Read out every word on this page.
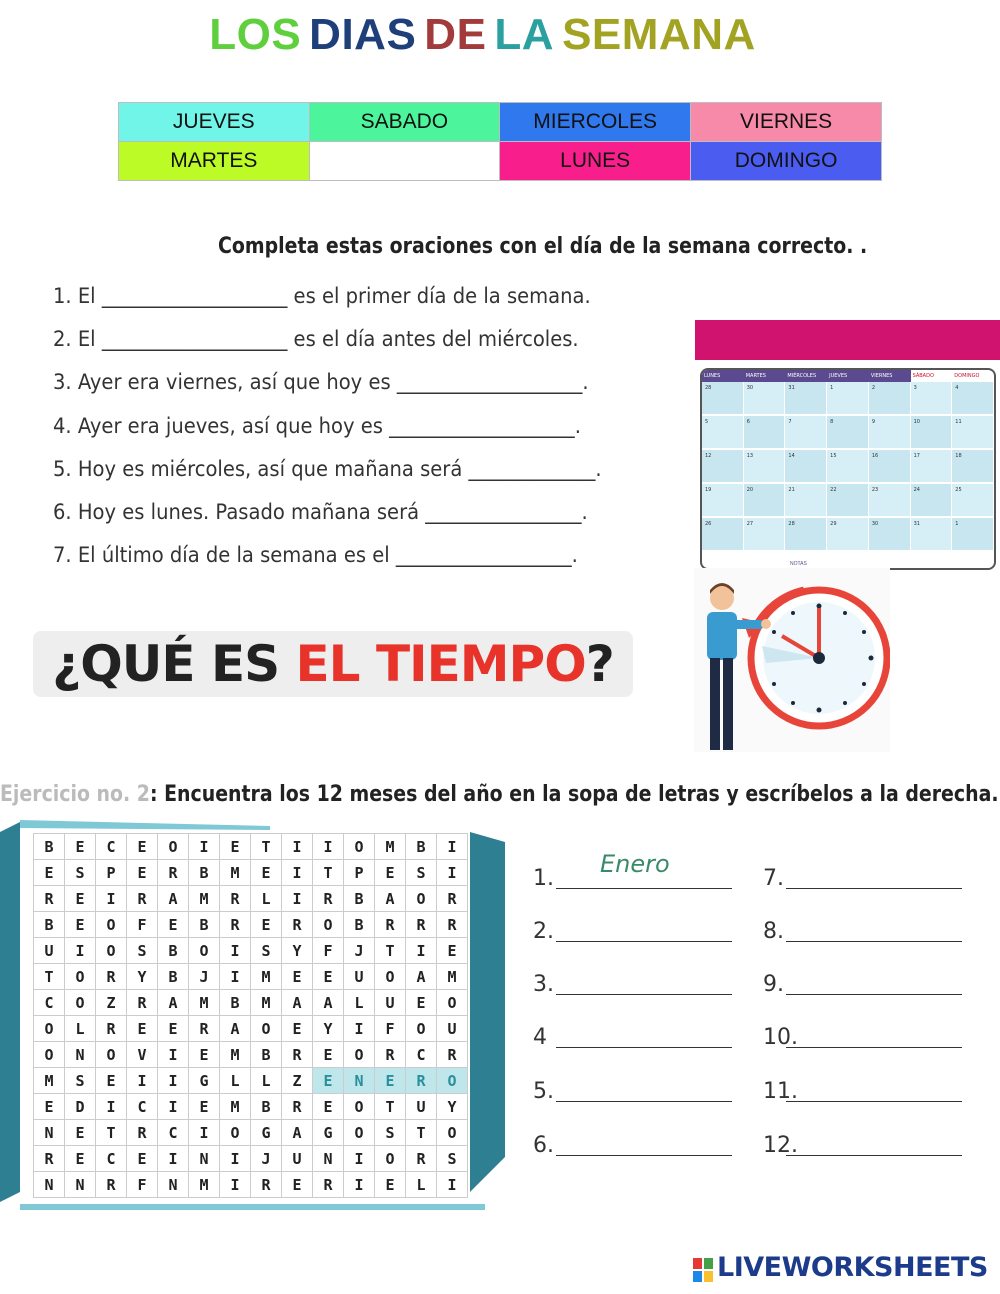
LOS DIAS DE LA SEMANA
JUEVES	SABADO	MIERCOLES	VIERNES
MARTES		LUNES	DOMINGO
Completa estas oraciones con el día de la semana correcto. .
1. El ___________________ es el primer día de la semana.
2. El ___________________ es el día antes del miércoles.
3. Ayer era viernes, así que hoy es ___________________.
4. Ayer era jueves, así que hoy es ___________________.
5. Hoy es miércoles, así que mañana será _____________.
6. Hoy es lunes. Pasado mañana será ________________.
7. El último día de la semana es el __________________.
LUNES	MARTES	MIÉRCOLES	JUEVES	VIERNES	SÁBADO	DOMINGO
28	30	31	1	2	3	4
5	6	7	8	9	10	11
12	13	14	15	16	17	18
19	20	21	22	23	24	25
26	27	28	29	30	31	1
NOTAS
¿QUÉ ES EL TIEMPO?
Ejercicio no. 2: Encuentra los 12 meses del año en la sopa de letras y escríbelos a la derecha.
B	E	C	E	O	I	E	T	I	I	O	M	B	I
E	S	P	E	R	B	M	E	I	T	P	E	S	I
R	E	I	R	A	M	R	L	I	R	B	A	O	R
B	E	O	F	E	B	R	E	R	O	B	R	R	R
U	I	O	S	B	O	I	S	Y	F	J	T	I	E
T	O	R	Y	B	J	I	M	E	E	U	O	A	M
C	O	Z	R	A	M	B	M	A	A	L	U	E	O
O	L	R	E	E	R	A	O	E	Y	I	F	O	U
O	N	O	V	I	E	M	B	R	E	O	R	C	R
M	S	E	I	I	G	L	L	Z	E	N	E	R	O
E	D	I	C	I	E	M	B	R	E	O	T	U	Y
N	E	T	R	C	I	O	G	A	G	O	S	T	O
R	E	C	E	I	N	I	J	U	N	I	O	R	S
N	N	R	F	N	M	I	R	E	R	I	E	L	I
Enero
1.	7.
2.	8.
3.	9.
4	10.
5.	11.
6.	12.
LIVEWORKSHEETS
